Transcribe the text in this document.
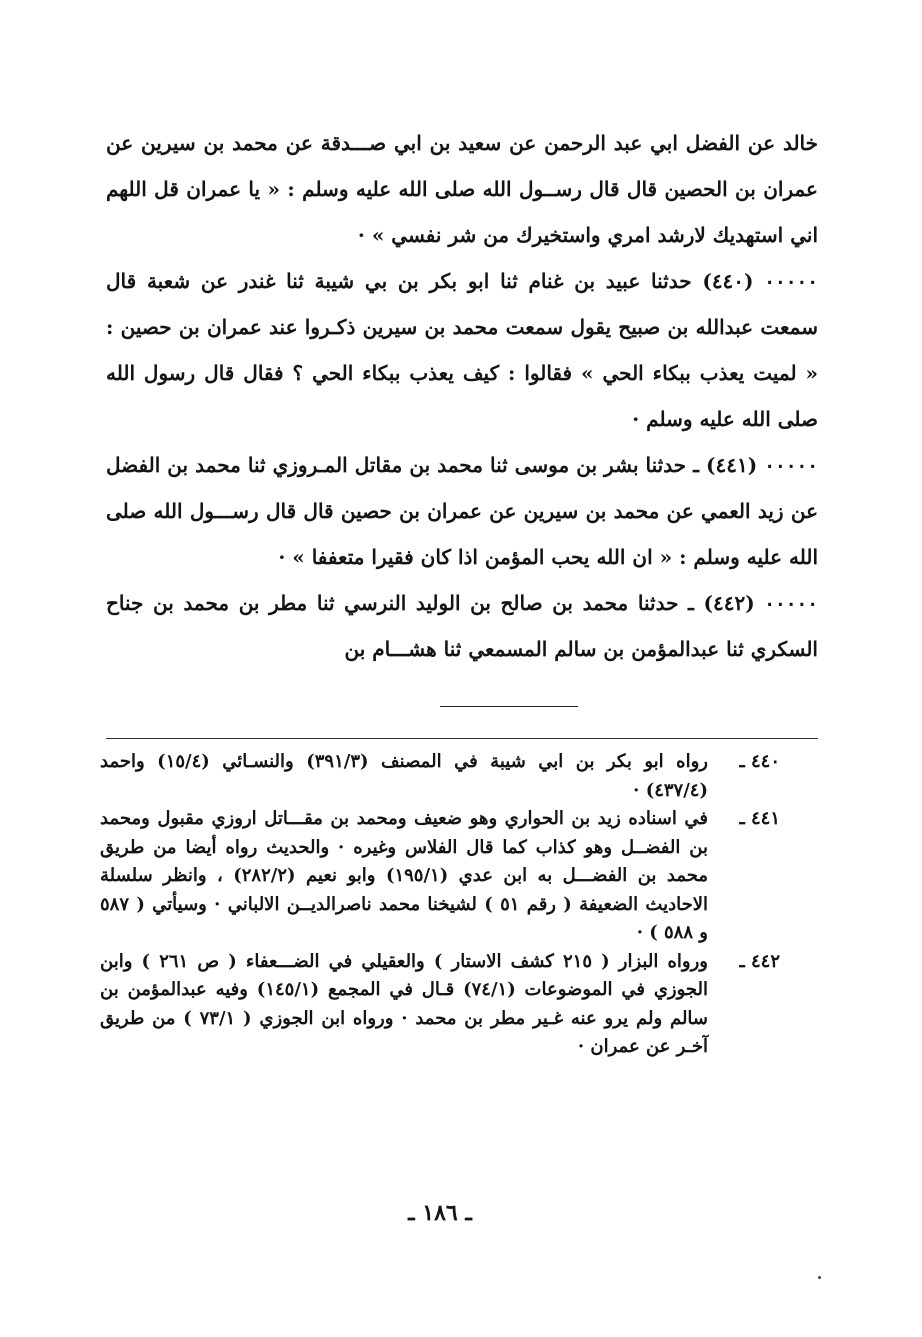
خالد عن الفضل ابي عبد الرحمن عن سعيد بن ابي صـــدقة عن محمد بن سيرين عن عمران بن الحصين قال قال رســول الله صلى الله عليه وسلم : « يا عمران قل اللهم اني استهديك لارشد امري واستخيرك من شر نفسي » ·

٠٠٠٠٠ (٤٤٠) حدثنا عبيد بن غنام ثنا ابو بكر بن بي شيبة ثنا غندر عن شعبة قال سمعت عبدالله بن صبيح يقول سمعت محمد بن سيرين ذكـروا عند عمران بن حصين : « لميت يعذب ببكاء الحي » فقالوا : كيف يعذب ببكاء الحي ؟ فقال قال رسول الله صلى الله عليه وسلم ·

٠٠٠٠٠ (٤٤١) ـ حدثنا بشر بن موسى ثنا محمد بن مقاتل المـروزي ثنا محمد بن الفضل عن زيد العمي عن محمد بن سيرين عن عمران بن حصين قال قال رســـول الله صلى الله عليه وسلم : « ان الله يحب المؤمن اذا كان فقيرا متعففا » ·

٠٠٠٠٠ (٤٤٢) ـ حدثنا محمد بن صالح بن الوليد النرسي ثنا مطر بن محمد بن جناح السكري ثنا عبدالمؤمن بن سالم المسمعي ثنا هشـــام بن

٤٤٠ ـ
رواه ابو بكر بن ابي شيبة في المصنف (٣٩١/٣) والنسـائي (١٥/٤) واحمد (٤٣٧/٤) ·
٤٤١ ـ
في اسناده زيد بن الحواري وهو ضعيف ومحمد بن مقـــاتل اروزي مقبول ومحمد بن الفضــل وهو كذاب كما قال الفلاس وغيره · والحديث رواه أيضا من طريق محمد بن الفضـــل به ابن عدي (١٩٥/١) وابو نعيم (٢٨٢/٢) ، وانظر سلسلة الاحاديث الضعيفة ( رقم ٥١ ) لشيخنا محمد ناصرالديــن الالباني · وسيأتي ( ٥٨٧ و ٥٨٨ ) ·
٤٤٢ ـ
ورواه البزار ( ٢١٥ كشف الاستار ) والعقيلي في الضـــعفاء ( ص ٢٦١ ) وابن الجوزي في الموضوعات (٧٤/١) قـال في المجمع (١٤٥/١) وفيه عبدالمؤمن بن سالم ولم يرو عنه غـير مطر بن محمد · ورواه ابن الجوزي ( ٧٣/١ ) من طريق آخـر عن عمران ·
ـ ١٨٦ ـ
